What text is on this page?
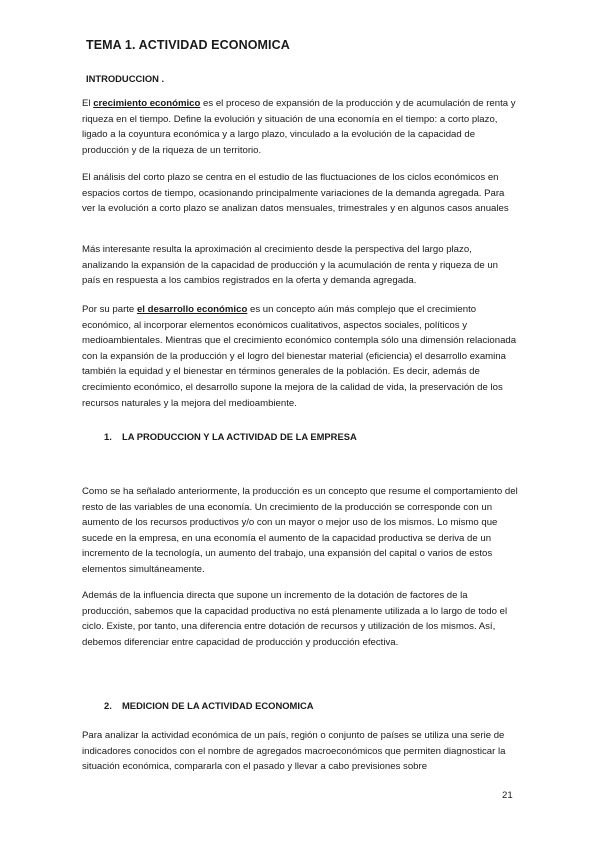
TEMA 1. ACTIVIDAD ECONOMICA
INTRODUCCION .

El crecimiento económico es el proceso de expansión de la producción y de acumulación de renta y riqueza en el tiempo. Define la evolución y situación de una economía en el tiempo: a corto plazo, ligado a la coyuntura económica y a largo plazo, vinculado a la evolución de la capacidad de producción y de la riqueza de un territorio.

El análisis del corto plazo se centra en el estudio de las fluctuaciones de los ciclos económicos en espacios cortos de tiempo, ocasionando principalmente variaciones de la demanda agregada. Para ver la evolución a corto plazo se analizan datos mensuales, trimestrales y en algunos casos anuales

Más interesante resulta la aproximación al crecimiento desde la perspectiva del largo plazo, analizando la expansión de la capacidad de producción y la acumulación de renta y riqueza de un país en respuesta a los cambios registrados en la oferta y demanda agregada.

Por su parte el desarrollo económico es un concepto aún más complejo que el crecimiento económico, al incorporar elementos económicos cualitativos, aspectos sociales, políticos y medioambientales. Mientras que el crecimiento económico contempla sólo una dimensión relacionada con la expansión de la producción y el logro del bienestar material (eficiencia) el desarrollo examina también la equidad y el bienestar en términos generales de la población. Es decir, además de crecimiento económico, el desarrollo supone la mejora de la calidad de vida, la preservación de los recursos naturales y la mejora del medioambiente.

1. LA PRODUCCION Y LA ACTIVIDAD DE LA EMPRESA

Como se ha señalado anteriormente, la producción es un concepto que resume el comportamiento del resto de las variables de una economía. Un crecimiento de la producción se corresponde con un aumento de los recursos productivos y/o con un mayor o mejor uso de los mismos. Lo mismo que sucede en la empresa, en una economía el aumento de la capacidad productiva se deriva de un incremento de la tecnología, un aumento del trabajo, una expansión del capital o varios de estos elementos simultáneamente.

Además de la influencia directa que supone un incremento de la dotación de factores de la producción, sabemos que la capacidad productiva no está plenamente utilizada a lo largo de todo el ciclo. Existe, por tanto, una diferencia entre dotación de recursos y utilización de los mismos. Así, debemos diferenciar entre capacidad de producción y producción efectiva.

2. MEDICION DE LA ACTIVIDAD ECONOMICA

Para analizar la actividad económica de un país, región o conjunto de países se utiliza una serie de indicadores conocidos con el nombre de agregados macroeconómicos que permiten diagnosticar la situación económica, compararla con el pasado y llevar a cabo previsiones sobre

21
